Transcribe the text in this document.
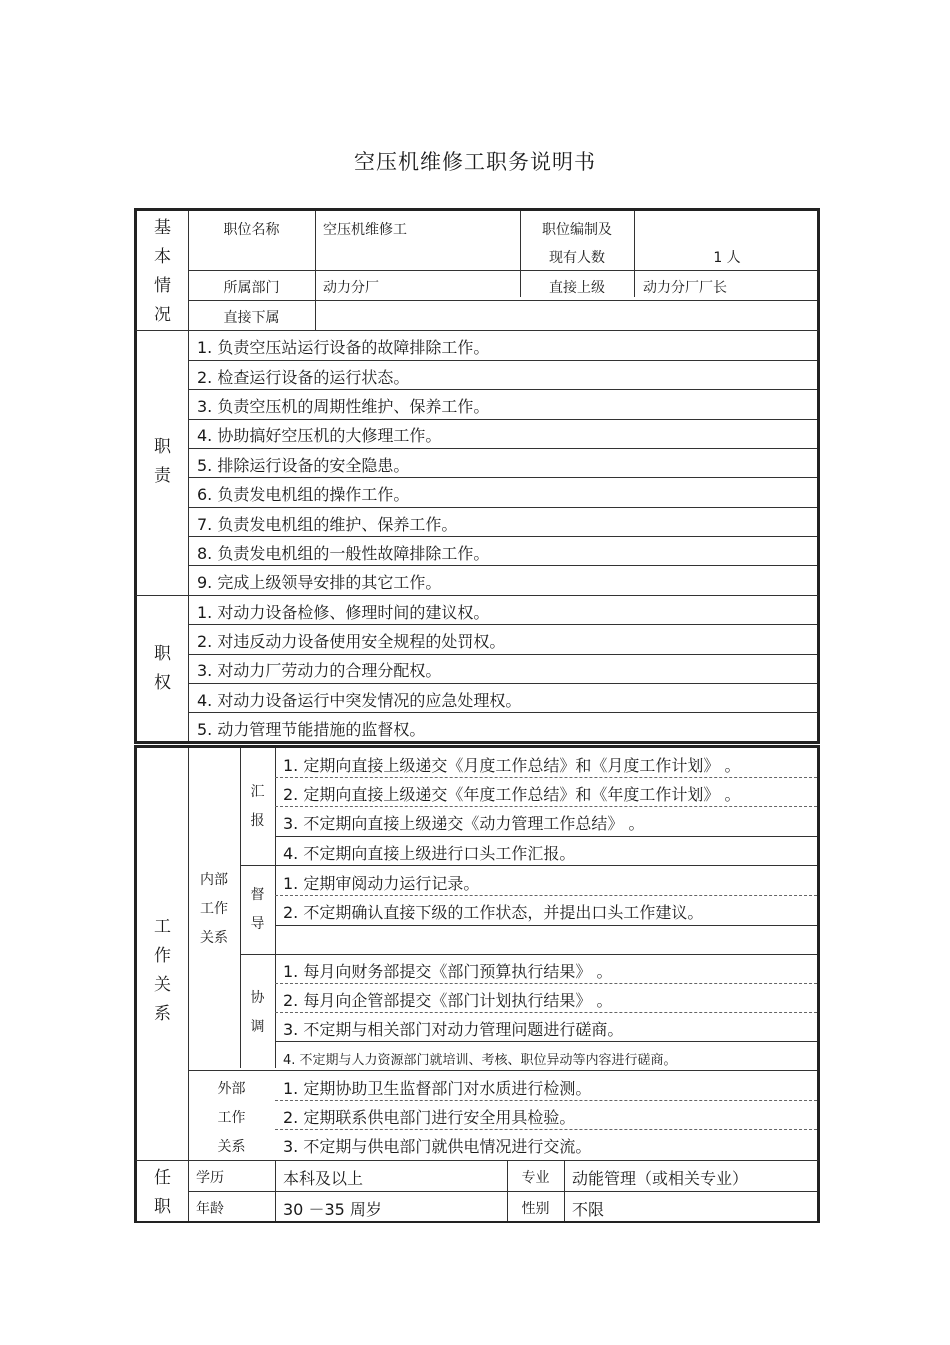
空压机维修工职务说明书
基本情况
职位名称	空压机维修工	职位编制及
现有人数	1 人
所属部门	动力分厂	直接上级	动力分厂厂长
直接下属
职责
1. 负责空压站运行设备的故障排除工作。
2. 检查运行设备的运行状态。
3. 负责空压机的周期性维护、保养工作。
4. 协助搞好空压机的大修理工作。
5. 排除运行设备的安全隐患。
6. 负责发电机组的操作工作。
7. 负责发电机组的维护、保养工作。
8. 负责发电机组的一般性故障排除工作。
9. 完成上级领导安排的其它工作。
职权
1. 对动力设备检修、修理时间的建议权。
2. 对违反动力设备使用安全规程的处罚权。
3. 对动力厂劳动力的合理分配权。
4. 对动力设备运行中突发情况的应急处理权。
5. 动力管理节能措施的监督权。
工作关系
内部
工作
关系
汇报
1. 定期向直接上级递交《月度工作总结》和《月度工作计划》 。
2. 定期向直接上级递交《年度工作总结》和《年度工作计划》 。
3. 不定期向直接上级递交《动力管理工作总结》 。
4. 不定期向直接上级进行口头工作汇报。
督导
1. 定期审阅动力运行记录。
2. 不定期确认直接下级的工作状态，并提出口头工作建议。
协调
1. 每月向财务部提交《部门预算执行结果》 。
2. 每月向企管部提交《部门计划执行结果》 。
3. 不定期与相关部门对动力管理问题进行磋商。
4. 不定期与人力资源部门就培训、考核、职位异动等内容进行磋商。
外部
工作
关系
1. 定期协助卫生监督部门对水质进行检测。
2. 定期联系供电部门进行安全用具检验。
3. 不定期与供电部门就供电情况进行交流。
任职
学历	本科及以上	专业	动能管理（或相关专业）
年龄	30 －35 周岁	性别	不限
